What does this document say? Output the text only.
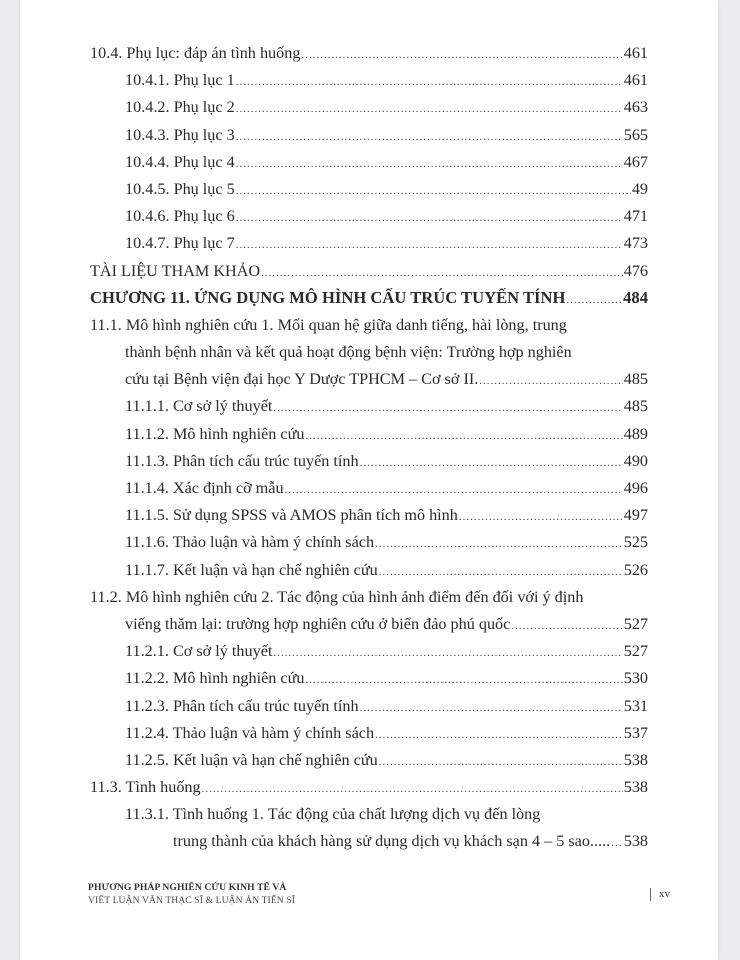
10.4. Phụ lục: đáp án tình huống .....	461
10.4.1. Phụ lục 1 .....	461
10.4.2. Phụ lục 2 .....	463
10.4.3. Phụ lục 3 .....	565
10.4.4. Phụ lục 4 .....	467
10.4.5. Phụ lục 5 .....	49
10.4.6. Phụ lục 6 .....	471
10.4.7. Phụ lục 7 .....	473
TÀI LIỆU THAM KHẢO .....	476
CHƯƠNG 11. ỨNG DỤNG MÔ HÌNH CẤU TRÚC TUYẾN TÍNH .....	484
11.1. Mô hình nghiên cứu 1. Mối quan hệ giữa danh tiếng, hài lòng, trung
thành bệnh nhân và kết quả hoạt động bệnh viện: Trường hợp nghiên
cứu tại Bệnh viện đại học Y Dược TPHCM – Cơ sở II. .....	485
11.1.1. Cơ sở lý thuyết .....	485
11.1.2. Mô hình nghiên cứu .....	489
11.1.3. Phân tích cấu trúc tuyến tính .....	490
11.1.4. Xác định cỡ mẫu .....	496
11.1.5. Sử dụng SPSS và AMOS phân tích mô hình .....	497
11.1.6. Thảo luận và hàm ý chính sách .....	525
11.1.7. Kết luận và hạn chế nghiên cứu .....	526
11.2. Mô hình nghiên cứu 2. Tác động của hình ảnh điểm đến đối với ý định
viếng thăm lại: trường hợp nghiên cứu ở biển đảo phú quốc .....	527
11.2.1. Cơ sở lý thuyết .....	527
11.2.2. Mô hình nghiên cứu .....	530
11.2.3. Phân tích cấu trúc tuyến tính .....	531
11.2.4. Thảo luận và hàm ý chính sách .....	537
11.2.5. Kết luận và hạn chế nghiên cứu .....	538
11.3. Tình huống .....	538
11.3.1. Tình huống 1. Tác động của chất lượng dịch vụ đến lòng
trung thành của khách hàng sử dụng dịch vụ khách sạn 4 – 5 sao..... ..... 538
PHƯƠNG PHÁP NGHIÊN CỨU KINH TẾ VÀ
VIẾT LUẬN VĂN THẠC SĨ & LUẬN ÁN TIẾN SĨ
xv
